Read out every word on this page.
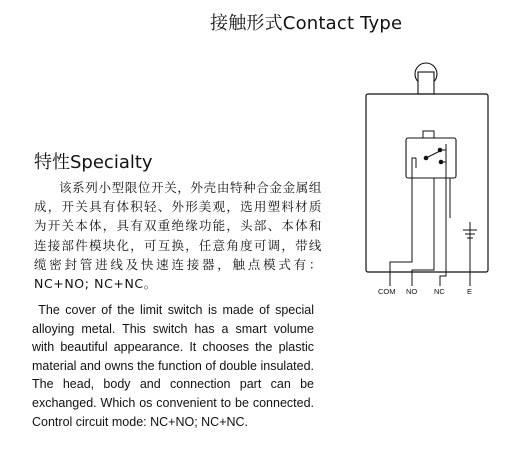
接触形式Contact Type
COM NO NC	E
特性Specialty
该系列小型限位开关，外壳由特种合金金属组成，开关具有体积轻、外形美观，选用塑料材质为开关本体，具有双重绝缘功能，头部、本体和连接部件模块化，可互换，任意角度可调，带线缆密封管进线及快速连接器，触点模式有：NC+NO; NC+NC。
The cover of the limit switch is made of special alloying metal. This switch has a smart volume with beautiful appearance. It chooses the plastic material and owns the function of double insulated. The head, body and connection part can be exchanged. Which os convenient to be connected. Control circuit mode: NC+NO; NC+NC.
